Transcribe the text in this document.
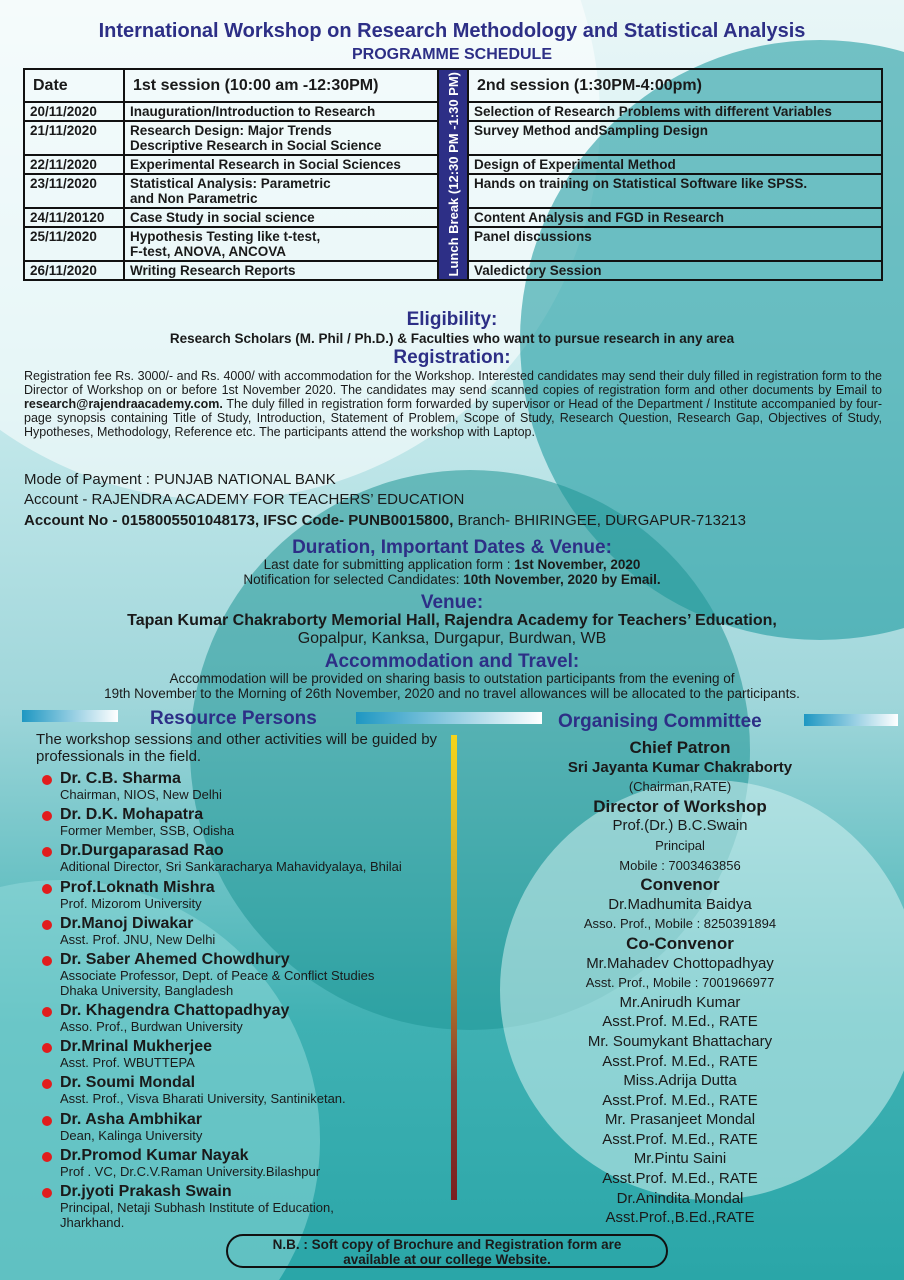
International Workshop on Research Methodology and Statistical Analysis
PROGRAMME SCHEDULE
Date	1st session (10:00 am -12:30PM)	Lunch Break (12:30 PM -1:30 PM)	2nd session (1:30PM-4:00pm)
20/11/2020	Inauguration/Introduction to Research		Selection of Research Problems with different Variables
21/11/2020	Research Design: Major Trends
Descriptive Research in Social Science		Survey Method andSampling Design
22/11/2020	Experimental Research in Social Sciences		Design of Experimental Method
23/11/2020	Statistical Analysis: Parametric
and Non Parametric		Hands on training on Statistical Software like SPSS.
24/11/20120	Case Study in social science		Content Analysis and FGD in Research
25/11/2020	Hypothesis Testing like t-test,
F-test, ANOVA, ANCOVA		Panel discussions
26/11/2020	Writing Research Reports		Valedictory Session
Eligibility:
Research Scholars (M. Phil / Ph.D.) & Faculties who want to pursue research in any area
Registration:
Registration fee Rs. 3000/- and Rs. 4000/ with accommodation for the Workshop. Interested candidates may send their duly filled in registration form to the Director of Workshop on or before 1st November 2020. The candidates may send scanned copies of registration form and other documents by Email to research@rajendraacademy.com. The duly filled in registration form forwarded by supervisor or Head of the Department / Institute accompanied by four-page synopsis containing Title of Study, Introduction, Statement of Problem, Scope of Study, Research Question, Research Gap, Objectives of Study, Hypotheses, Methodology, Reference etc. The participants attend the workshop with Laptop.
Mode of Payment : PUNJAB NATIONAL BANK
Account - RAJENDRA ACADEMY FOR TEACHERS’ EDUCATION
Account No - 0158005501048173, IFSC Code- PUNB0015800, Branch- BHIRINGEE, DURGAPUR-713213
Duration, Important Dates & Venue:
Last date for submitting application form : 1st November, 2020
Notification for selected Candidates: 10th November, 2020 by Email.
Venue:
Tapan Kumar Chakraborty Memorial Hall, Rajendra Academy for Teachers’ Education,
Gopalpur, Kanksa, Durgapur, Burdwan, WB
Accommodation and Travel:
Accommodation will be provided on sharing basis to outstation participants from the evening of
19th November to the Morning of 26th November, 2020 and no travel allowances will be allocated to the participants.
Resource Persons	Organising Committee
The workshop sessions and other activities will be guided by professionals in the field.
Dr. C.B. Sharma
Chairman, NIOS, New Delhi
Dr. D.K. Mohapatra
Former Member, SSB, Odisha
Dr.Durgaparasad Rao
Aditional Director, Sri Sankaracharya Mahavidyalaya, Bhilai
Prof.Loknath Mishra
Prof. Mizorom University
Dr.Manoj Diwakar
Asst. Prof. JNU, New Delhi
Dr. Saber Ahemed Chowdhury
Associate Professor, Dept. of Peace & Conflict Studies
Dhaka University, Bangladesh
Dr. Khagendra Chattopadhyay
Asso. Prof., Burdwan University
Dr.Mrinal Mukherjee
Asst. Prof. WBUTTEPA
Dr. Soumi Mondal
Asst. Prof., Visva Bharati University, Santiniketan.
Dr. Asha Ambhikar
Dean, Kalinga University
Dr.Promod Kumar Nayak
Prof . VC, Dr.C.V.Raman University.Bilashpur
Dr.jyoti Prakash Swain
Principal, Netaji Subhash Institute of Education,
Jharkhand.
Chief Patron
Sri Jayanta Kumar Chakraborty
(Chairman,RATE)
Director of Workshop
Prof.(Dr.) B.C.Swain
Principal
Mobile : 7003463856
Convenor
Dr.Madhumita Baidya
Asso. Prof., Mobile : 8250391894
Co-Convenor
Mr.Mahadev Chottopadhyay
Asst. Prof., Mobile : 7001966977
Mr.Anirudh Kumar
Asst.Prof. M.Ed., RATE
Mr. Soumykant Bhattachary
Asst.Prof. M.Ed., RATE
Miss.Adrija Dutta
Asst.Prof. M.Ed., RATE
Mr. Prasanjeet Mondal
Asst.Prof. M.Ed., RATE
Mr.Pintu Saini
Asst.Prof. M.Ed., RATE
Dr.Anindita Mondal
Asst.Prof.,B.Ed.,RATE
N.B. : Soft copy of Brochure and Registration form are
available at our college Website.
